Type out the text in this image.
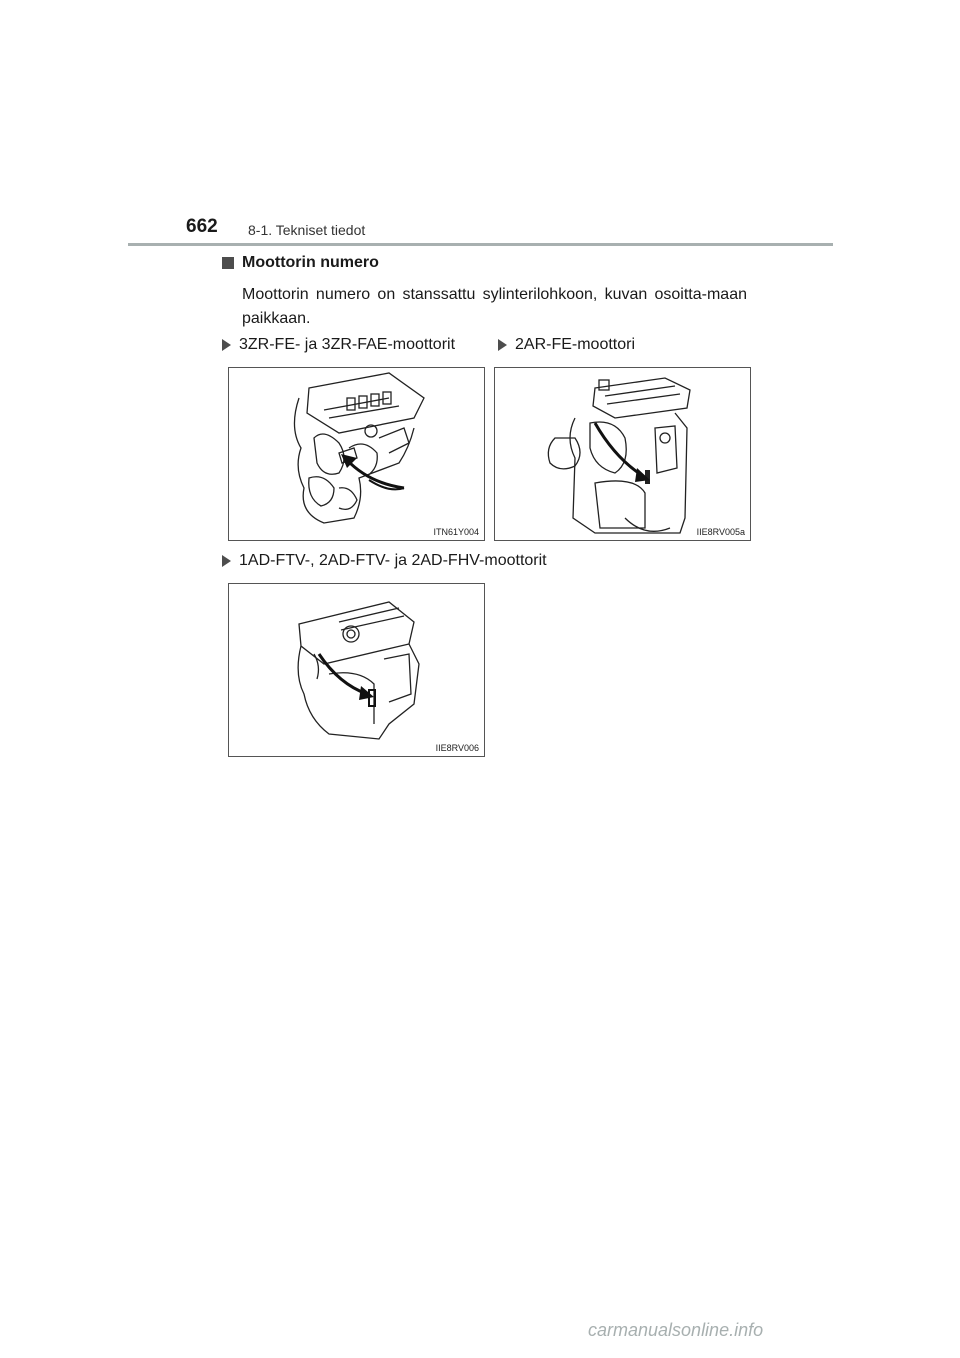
662 8-1. Tekniset tiedot
Moottorin numero
Moottorin numero on stanssattu sylinterilohkoon, kuvan osoitta-maan paikkaan.
3ZR-FE- ja 3ZR-FAE-moottorit	2AR-FE-moottori
ITN61Y004	IIE8RV005a
1AD-FTV-, 2AD-FTV- ja 2AD-FHV-moottorit
IIE8RV006
carmanualsonline.info
